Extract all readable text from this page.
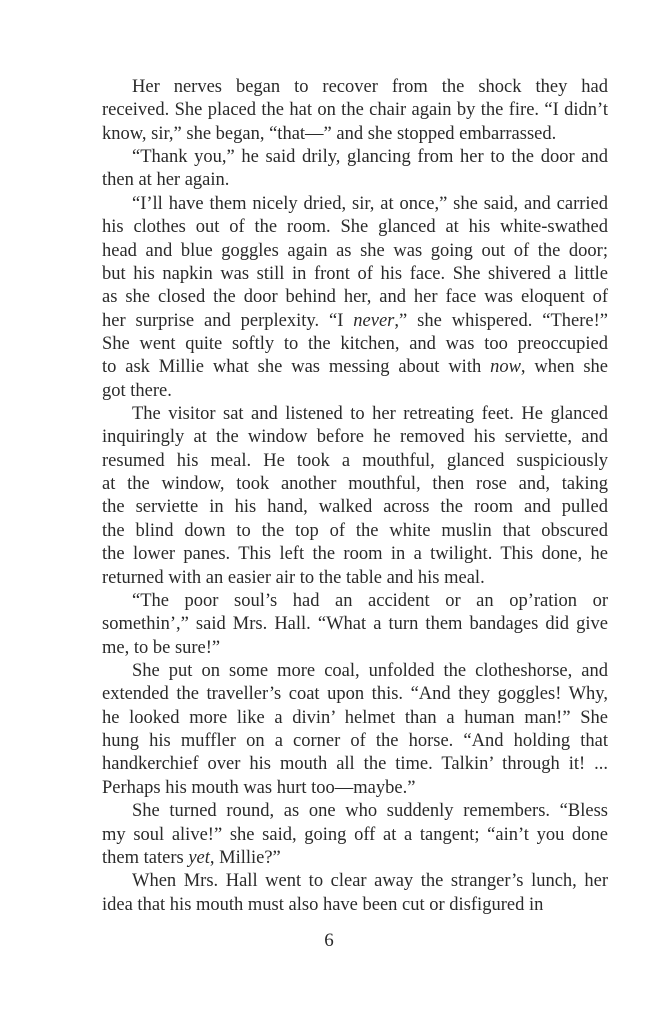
Her nerves began to recover from the shock they had
received. She placed the hat on the chair again by the fire. “I didn’t
know, sir,” she began, “that—” and she stopped embarrassed.
“Thank you,” he said drily, glancing from her to the door and
then at her again.
“I’ll have them nicely dried, sir, at once,” she said, and carried
his clothes out of the room. She glanced at his white-swathed
head and blue goggles again as she was going out of the door;
but his napkin was still in front of his face. She shivered a little
as she closed the door behind her, and her face was eloquent of
her surprise and perplexity. “I never,” she whispered. “There!”
She went quite softly to the kitchen, and was too preoccupied
to ask Millie what she was messing about with now, when she
got there.
The visitor sat and listened to her retreating feet. He glanced
inquiringly at the window before he removed his serviette, and
resumed his meal. He took a mouthful, glanced suspiciously
at the window, took another mouthful, then rose and, taking
the serviette in his hand, walked across the room and pulled
the blind down to the top of the white muslin that obscured
the lower panes. This left the room in a twilight. This done, he
returned with an easier air to the table and his meal.
“The poor soul’s had an accident or an op’ration or
somethin’,” said Mrs. Hall. “What a turn them bandages did give
me, to be sure!”
She put on some more coal, unfolded the clotheshorse, and
extended the traveller’s coat upon this. “And they goggles! Why,
he looked more like a divin’ helmet than a human man!” She
hung his muffler on a corner of the horse. “And holding that
handkerchief over his mouth all the time. Talkin’ through it! ...
Perhaps his mouth was hurt too—maybe.”
She turned round, as one who suddenly remembers. “Bless
my soul alive!” she said, going off at a tangent; “ain’t you done
them taters yet, Millie?”
When Mrs. Hall went to clear away the stranger’s lunch, her
idea that his mouth must also have been cut or disfigured in
6
